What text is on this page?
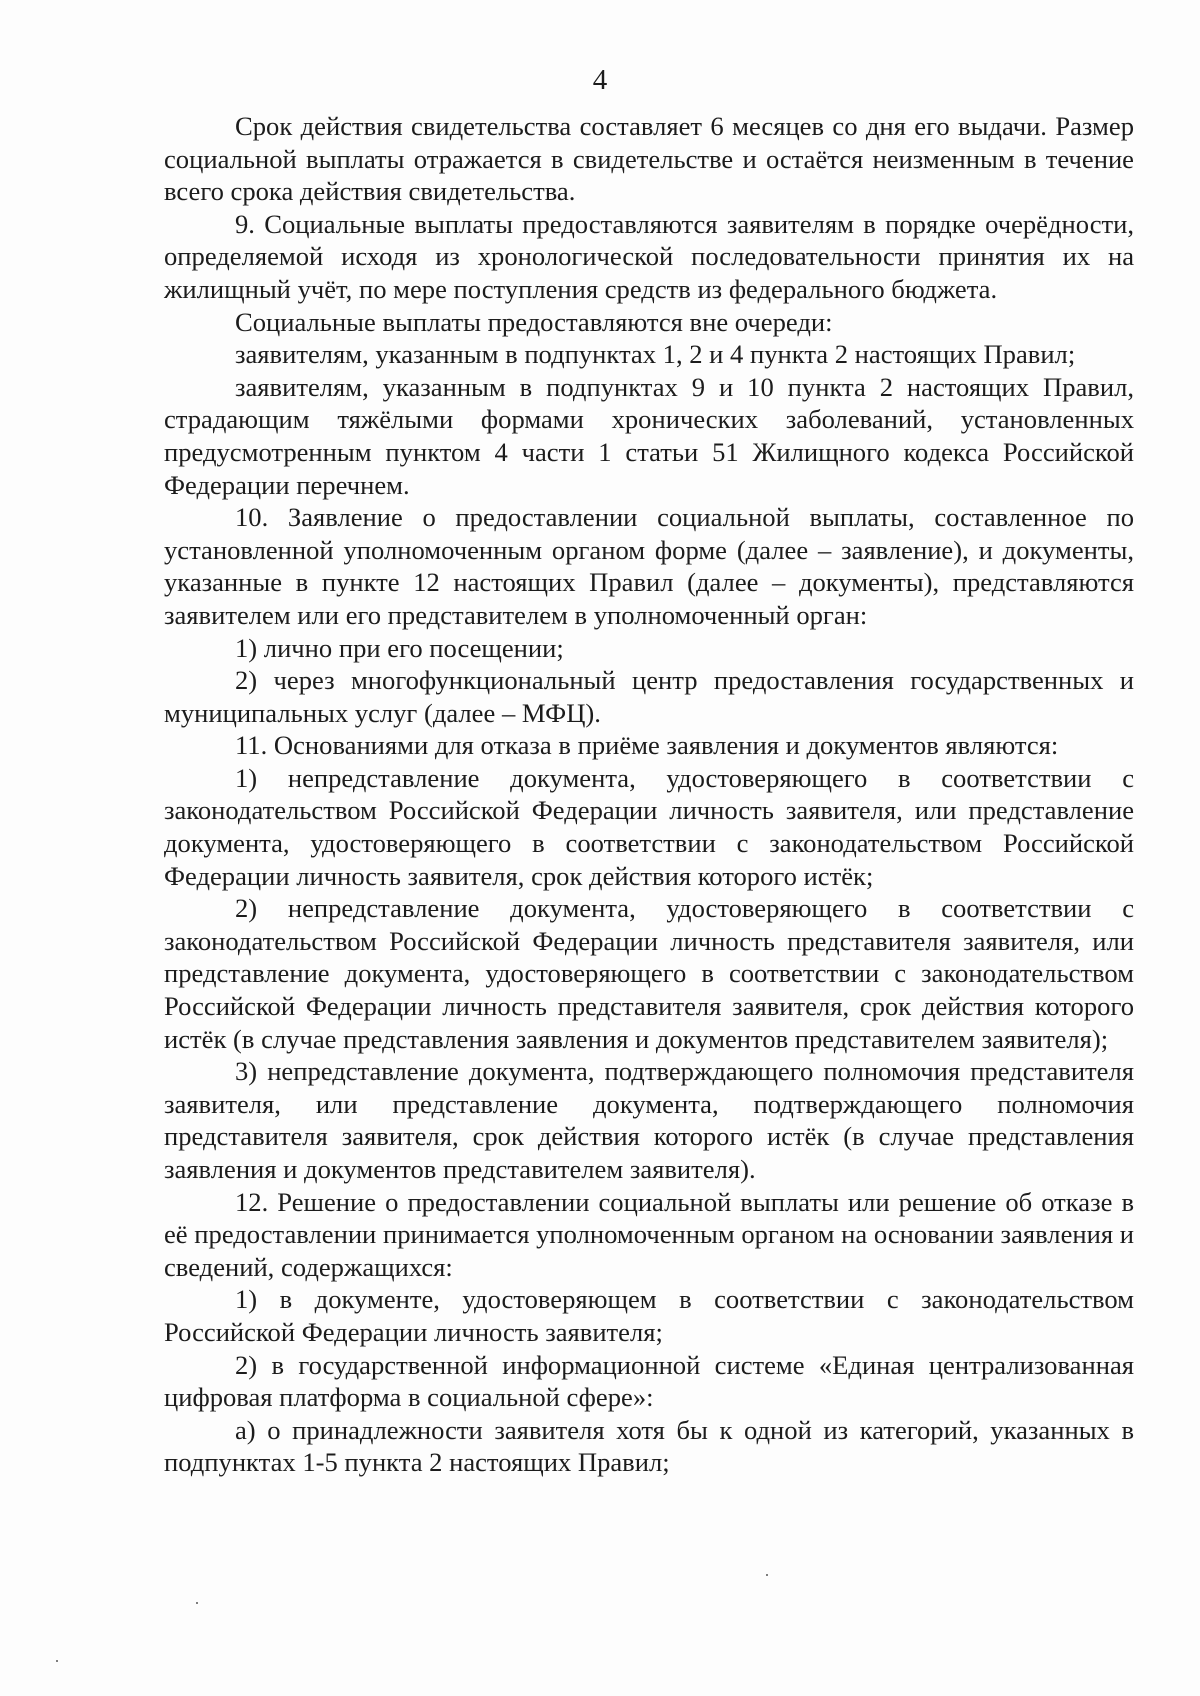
4

Срок действия свидетельства составляет 6 месяцев со дня его выдачи. Размер социальной выплаты отражается в свидетельстве и остаётся неизменным в течение всего срока действия свидетельства.

9. Социальные выплаты предоставляются заявителям в порядке очерёдности, определяемой исходя из хронологической последовательности принятия их на жилищный учёт, по мере поступления средств из федерального бюджета.

Социальные выплаты предоставляются вне очереди:

заявителям, указанным в подпунктах 1, 2 и 4 пункта 2 настоящих Правил;

заявителям, указанным в подпунктах 9 и 10 пункта 2 настоящих Правил, страдающим тяжёлыми формами хронических заболеваний, установленных предусмотренным пунктом 4 части 1 статьи 51 Жилищного кодекса Российской Федерации перечнем.

10. Заявление о предоставлении социальной выплаты, составленное по установленной уполномоченным органом форме (далее – заявление), и документы, указанные в пункте 12 настоящих Правил (далее – документы), представляются заявителем или его представителем в уполномоченный орган:

1) лично при его посещении;

2) через многофункциональный центр предоставления государственных и муниципальных услуг (далее – МФЦ).

11. Основаниями для отказа в приёме заявления и документов являются:

1) непредставление документа, удостоверяющего в соответствии с законодательством Российской Федерации личность заявителя, или представление документа, удостоверяющего в соответствии с законодательством Российской Федерации личность заявителя, срок действия которого истёк;

2) непредставление документа, удостоверяющего в соответствии с законодательством Российской Федерации личность представителя заявителя, или представление документа, удостоверяющего в соответствии с законодательством Российской Федерации личность представителя заявителя, срок действия которого истёк (в случае представления заявления и документов представителем заявителя);

3) непредставление документа, подтверждающего полномочия представителя заявителя, или представление документа, подтверждающего полномочия представителя заявителя, срок действия которого истёк (в случае представления заявления и документов представителем заявителя).

12. Решение о предоставлении социальной выплаты или решение об отказе в её предоставлении принимается уполномоченным органом на основании заявления и сведений, содержащихся:

1) в документе, удостоверяющем в соответствии с законодательством Российской Федерации личность заявителя;

2) в государственной информационной системе «Единая централизованная цифровая платформа в социальной сфере»:

а) о принадлежности заявителя хотя бы к одной из категорий, указанных в подпунктах 1-5 пункта 2 настоящих Правил;
